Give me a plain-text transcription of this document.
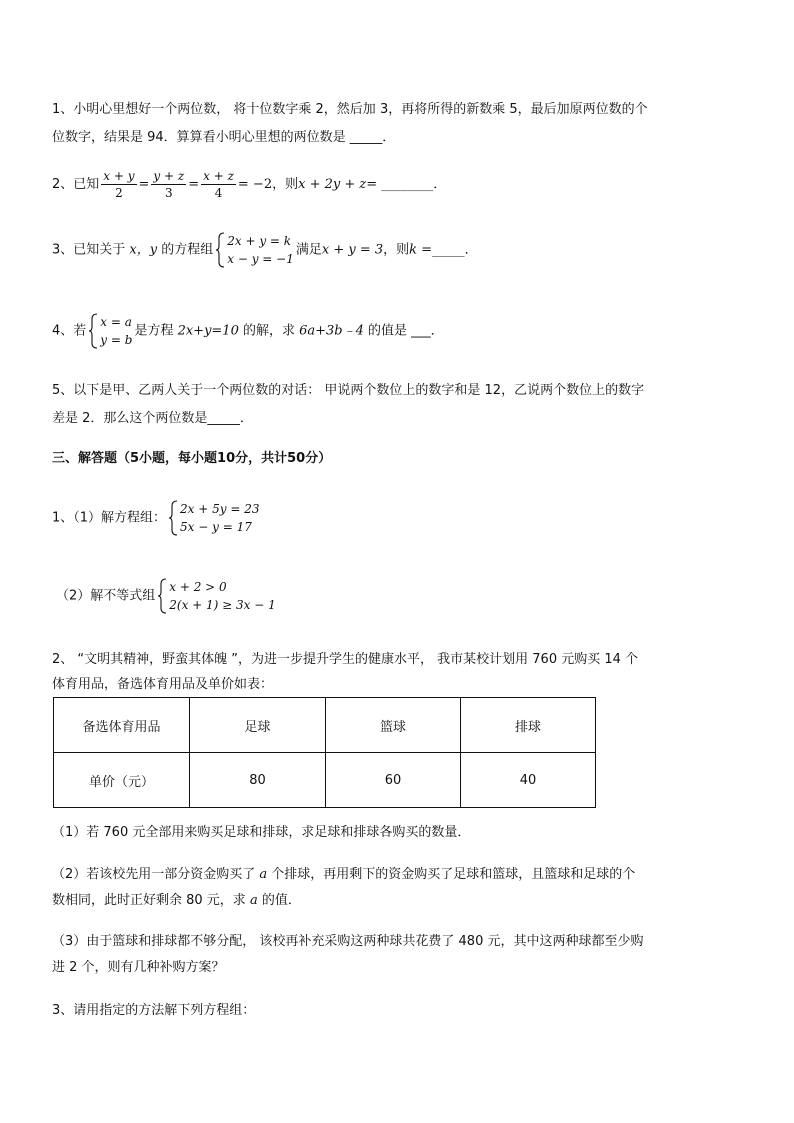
1、小明心里想好一个两位数， 将十位数字乘 2，然后加 3，再将所得的新数乘 5，最后加原两位数的个
位数字，结果是 94．算算看小明心里想的两位数是 _____．
2、已知 $\frac{x + y}{2} = \frac{y + z}{3} = \frac{x + z}{4} = -2$，则x + 2y + z= ________．
3、已知关于 x，y 的方程组
2x + y = k
x − y = −1
满足x + y = 3，则k =_____．
4、若
x = a
y = b
是方程 2x+y=10 的解，求 6a+3b﹣4 的值是 ___．
5、以下是甲、乙两人关于一个两位数的对话： 甲说两个数位上的数字和是 12，乙说两个数位上的数字
差是 2．那么这个两位数是_____．
三、解答题（5小题，每小题10分，共计50分）
1、（1）解方程组：
2x + 5y = 23
5x − y = 17
（2）解不等式组
x + 2 > 0
2(x + 1) ≥ 3x − 1
2、 “文明其精神，野蛮其体魄 ”，为进一步提升学生的健康水平， 我市某校计划用 760 元购买 14 个
体育用品，备选体育用品及单价如表：
备选体育用品	足球	篮球	排球
单价（元）	80	60	40
（1）若 760 元全部用来购买足球和排球，求足球和排球各购买的数量．
（2）若该校先用一部分资金购买了 a 个排球，再用剩下的资金购买了足球和篮球，且篮球和足球的个
数相同，此时正好剩余 80 元，求 a 的值．
（3）由于篮球和排球都不够分配， 该校再补充采购这两种球共花费了 480 元，其中这两种球都至少购
进 2 个，则有几种补购方案？
3、请用指定的方法解下列方程组：
